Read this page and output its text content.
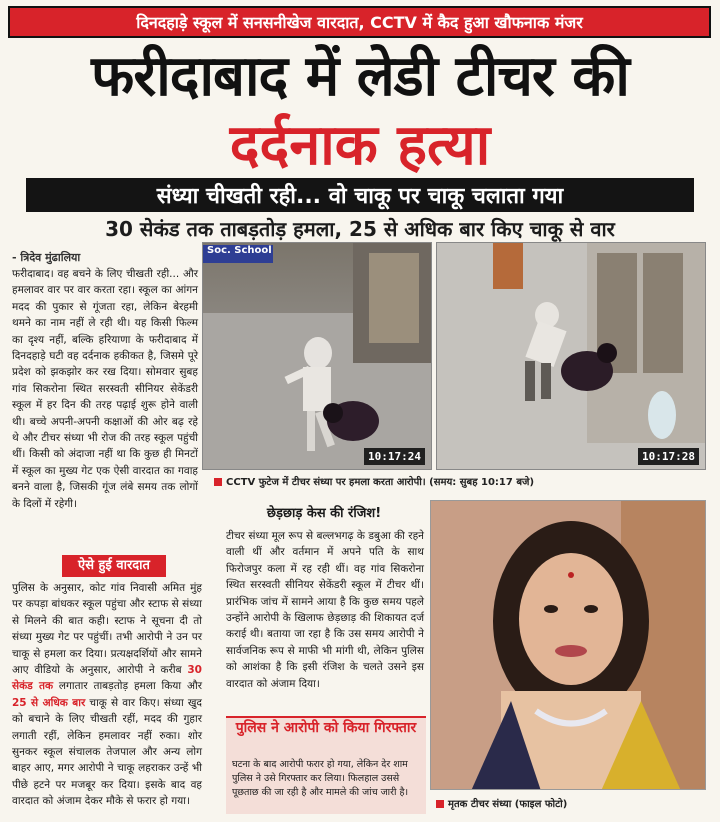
दिनदहाड़े स्कूल में सनसनीखेज वारदात, CCTV में कैद हुआ खौफनाक मंजर
फरीदाबाद में लेडी टीचर की
दर्दनाक हत्या
संध्या चीखती रही... वो चाकू पर चाकू चलाता गया
30 सेकंड तक ताबड़तोड़ हमला, 25 से अधिक बार किए चाकू से वार
- त्रिदेव मुंढालिया
फरीदाबाद। वह बचने के लिए चीखती रही... और हमलावर वार पर वार करता रहा। स्कूल का आंगन मदद की पुकार से गूंजता रहा, लेकिन बेरहमी थमने का नाम नहीं ले रही थी। यह किसी फिल्म का दृश्य नहीं, बल्कि हरियाणा के फरीदाबाद में दिनदहाड़े घटी वह दर्दनाक हकीकत है, जिसमे पूरे प्रदेश को झकझोर कर रख दिया। सोमवार सुबह गांव सिकरोना स्थित सरस्वती सीनियर सेकेंडरी स्कूल में हर दिन की तरह पढ़ाई शुरू होने वाली थी। बच्चे अपनी-अपनी कक्षाओं की ओर बढ़ रहे थे और टीचर संध्या भी रोज की तरह स्कूल पहुंची थीं। किसी को अंदाजा नहीं था कि कुछ ही मिनटों में स्कूल का मुख्य गेट एक ऐसी वारदात का गवाह बनने वाला है, जिसकी गूंज लंबे समय तक लोगों के दिलों में रहेगी।
ऐसे हुई वारदात
पुलिस के अनुसार, कोट गांव निवासी अमित मुंह पर कपड़ा बांधकर स्कूल पहुंचा और स्टाफ से संध्या से मिलने की बात कही। स्टाफ ने सूचना दी तो संध्या मुख्य गेट पर पहुंचीं। तभी आरोपी ने उन पर चाकू से हमला कर दिया। प्रत्यक्षदर्शियों और सामने आए वीडियो के अनुसार, आरोपी ने करीब 30 सेकंड तक लगातार ताबड़तोड़ हमला किया और 25 से अधिक बार चाकू से वार किए। संध्या खुद को बचाने के लिए चीखती रहीं, मदद की गुहार लगाती रहीं, लेकिन हमलावर नहीं रुका। शोर सुनकर स्कूल संचालक तेजपाल और अन्य लोग बाहर आए, मगर आरोपी ने चाकू लहराकर उन्हें भी पीछे हटने पर मजबूर कर दिया। इसके बाद वह वारदात को अंजाम देकर मौके से फरार हो गया।
Soc. School
10:17:24	10:17:28
CCTV फुटेज में टीचर संध्या पर हमला करता आरोपी। (समय: सुबह 10:17 बजे)
छेड़छाड़ केस की रंजिश!
टीचर संध्या मूल रूप से बल्लभगढ़ के डबुआ की रहने वाली थीं और वर्तमान में अपने पति के साथ फिरोजपुर कला में रह रही थीं। वह गांव सिकरोना स्थित सरस्वती सीनियर सेकेंडरी स्कूल में टीचर थीं। प्रारंभिक जांच में सामने आया है कि कुछ समय पहले उन्होंने आरोपी के खिलाफ छेड़छाड़ की शिकायत दर्ज कराई थी। बताया जा रहा है कि उस समय आरोपी ने सार्वजनिक रूप से माफी भी मांगी थी, लेकिन पुलिस को आशंका है कि इसी रंजिश के चलते उसने इस वारदात को अंजाम दिया।
पुलिस ने आरोपी को किया गिरफ्तार
घटना के बाद आरोपी फरार हो गया, लेकिन देर शाम पुलिस ने उसे गिरफ्तार कर लिया। फिलहाल उससे पूछताछ की जा रही है और मामले की जांच जारी है।
मृतक टीचर संध्या (फाइल फोटो)
